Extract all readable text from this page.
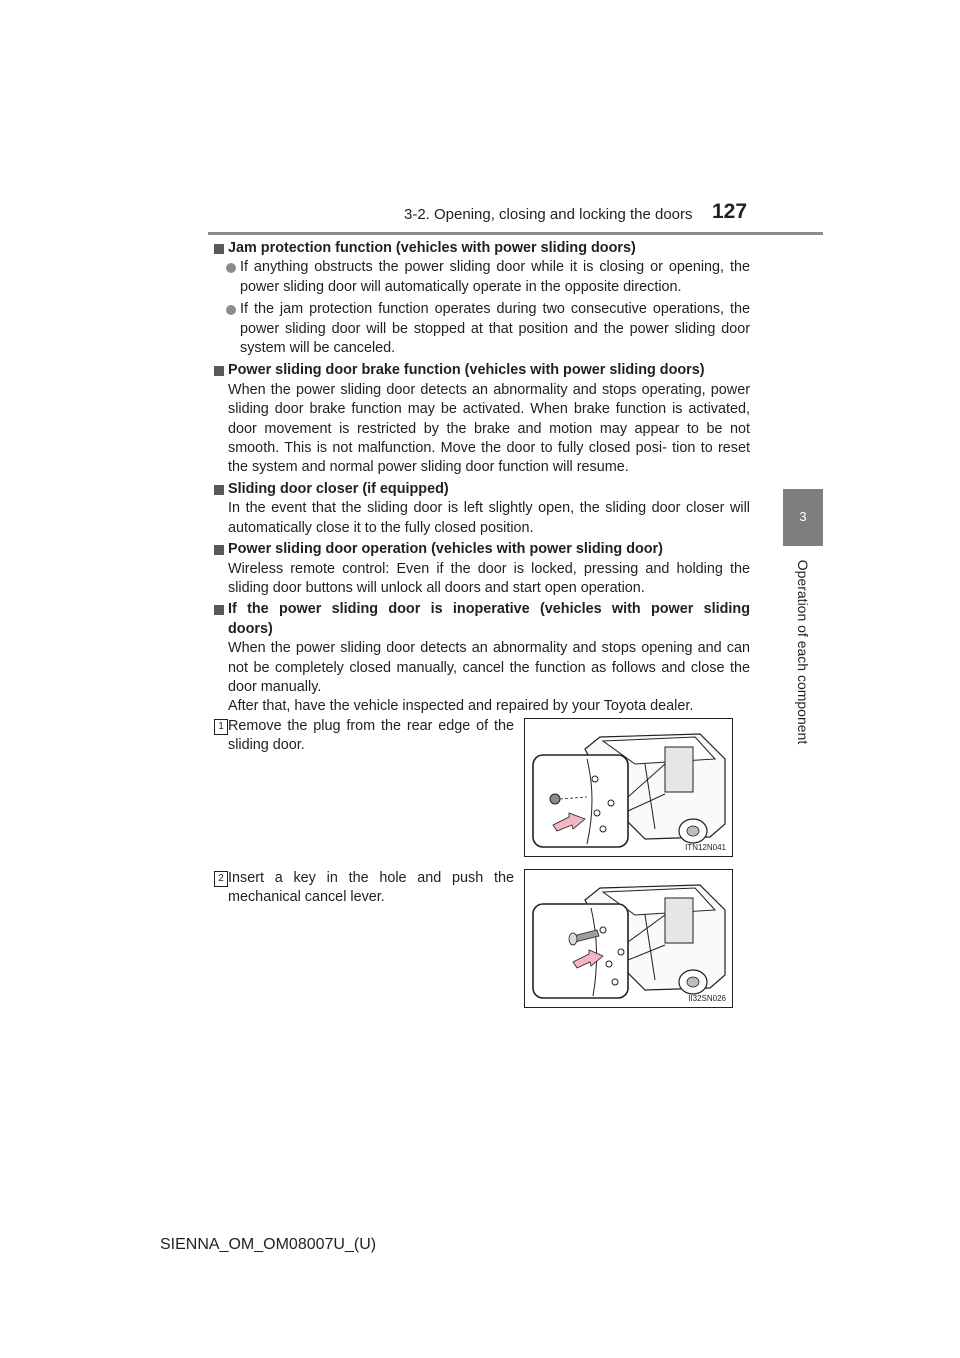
3-2. Opening, closing and locking the doors 127
3
Operation of each component
Jam protection function (vehicles with power sliding doors)
If anything obstructs the power sliding door while it is closing or opening, the power sliding door will automatically operate in the opposite direction.
If the jam protection function operates during two consecutive operations, the power sliding door will be stopped at that position and the power sliding door system will be canceled.
Power sliding door brake function (vehicles with power sliding doors)
When the power sliding door detects an abnormality and stops operating, power sliding door brake function may be activated. When brake function is activated, door movement is restricted by the brake and motion may appear to be not smooth. This is not malfunction. Move the door to fully closed posi- tion to reset the system and normal power sliding door function will resume.
Sliding door closer (if equipped)
In the event that the sliding door is left slightly open, the sliding door closer will automatically close it to the fully closed position.
Power sliding door operation (vehicles with power sliding door)
Wireless remote control: Even if the door is locked, pressing and holding the sliding door buttons will unlock all doors and start open operation.
If the power sliding door is inoperative (vehicles with power sliding
doors)
When the power sliding door detects an abnormality and stops opening and can not be completely closed manually, cancel the function as follows and close the door manually.
After that, have the vehicle inspected and repaired by your Toyota dealer.
1 Remove the plug from the rear edge of the sliding door.
2 Insert a key in the hole and push the mechanical cancel lever.
ITN12N041
II32SN026
SIENNA_OM_OM08007U_(U)
